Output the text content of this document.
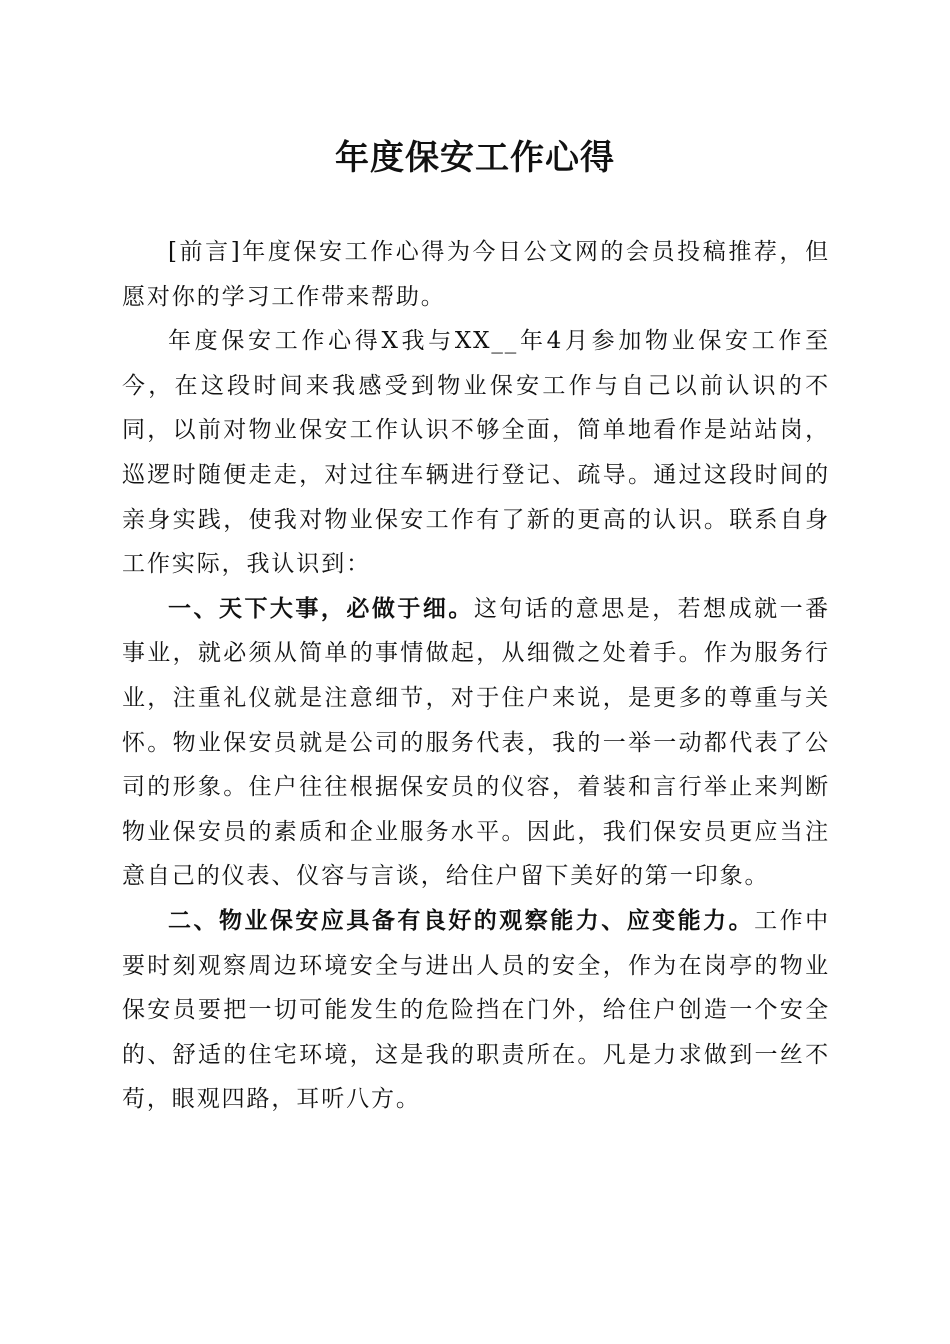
年度保安工作心得

[前言]年度保安工作心得为今日公文网的会员投稿推荐，但愿对你的学习工作带来帮助。

年度保安工作心得X我与XX__年4月参加物业保安工作至今，在这段时间来我感受到物业保安工作与自己以前认识的不同，以前对物业保安工作认识不够全面，简单地看作是站站岗，巡逻时随便走走，对过往车辆进行登记、疏导。通过这段时间的亲身实践，使我对物业保安工作有了新的更高的认识。联系自身工作实际，我认识到：

一、天下大事，必做于细。这句话的意思是，若想成就一番事业，就必须从简单的事情做起，从细微之处着手。作为服务行业，注重礼仪就是注意细节，对于住户来说，是更多的尊重与关怀。物业保安员就是公司的服务代表，我的一举一动都代表了公司的形象。住户往往根据保安员的仪容，着装和言行举止来判断物业保安员的素质和企业服务水平。因此，我们保安员更应当注意自己的仪表、仪容与言谈，给住户留下美好的第一印象。

二、物业保安应具备有良好的观察能力、应变能力。工作中要时刻观察周边环境安全与进出人员的安全，作为在岗亭的物业保安员要把一切可能发生的危险挡在门外，给住户创造一个安全的、舒适的住宅环境，这是我的职责所在。凡是力求做到一丝不苟，眼观四路，耳听八方。
